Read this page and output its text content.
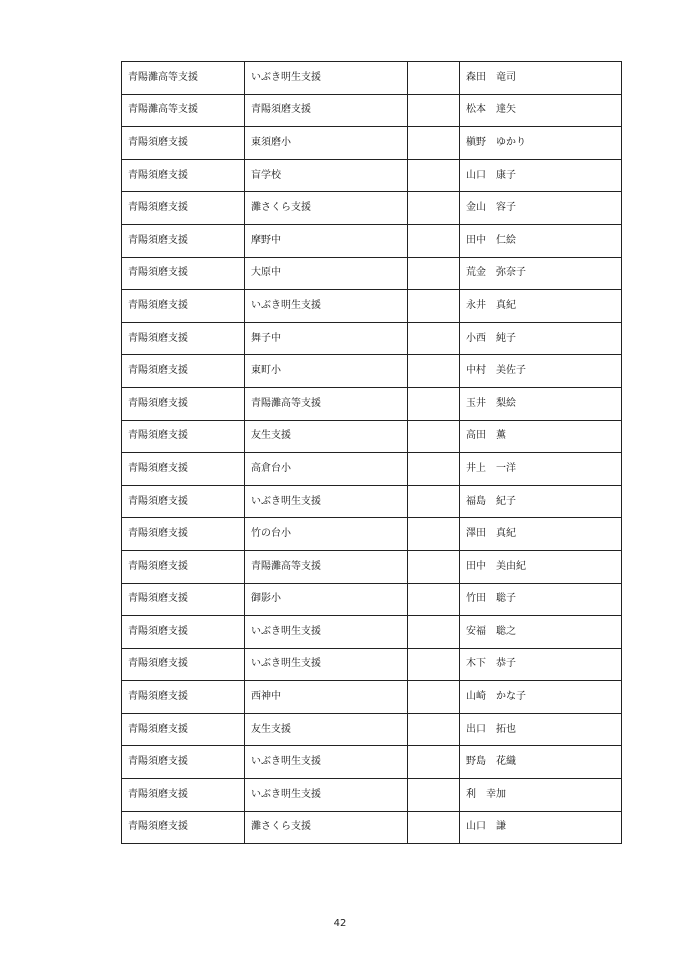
青陽灘高等支援	いぶき明生支援		森田　竜司
青陽灘高等支援	青陽須磨支援		松本　達矢
青陽須磨支援	東須磨小		槇野　ゆかり
青陽須磨支援	盲学校		山口　康子
青陽須磨支援	灘さくら支援		金山　容子
青陽須磨支援	摩野中		田中　仁絵
青陽須磨支援	大原中		荒金　弥奈子
青陽須磨支援	いぶき明生支援		永井　真紀
青陽須磨支援	舞子中		小西　純子
青陽須磨支援	東町小		中村　美佐子
青陽須磨支援	青陽灘高等支援		玉井　梨絵
青陽須磨支援	友生支援		高田　薫
青陽須磨支援	高倉台小		井上　一洋
青陽須磨支援	いぶき明生支援		福島　紀子
青陽須磨支援	竹の台小		澤田　真紀
青陽須磨支援	青陽灘高等支援		田中　美由紀
青陽須磨支援	御影小		竹田　聡子
青陽須磨支援	いぶき明生支援		安福　聡之
青陽須磨支援	いぶき明生支援		木下　恭子
青陽須磨支援	西神中		山崎　かな子
青陽須磨支援	友生支援		出口　拓也
青陽須磨支援	いぶき明生支援		野島　花織
青陽須磨支援	いぶき明生支援		利　幸加
青陽須磨支援	灘さくら支援		山口　謙
42
